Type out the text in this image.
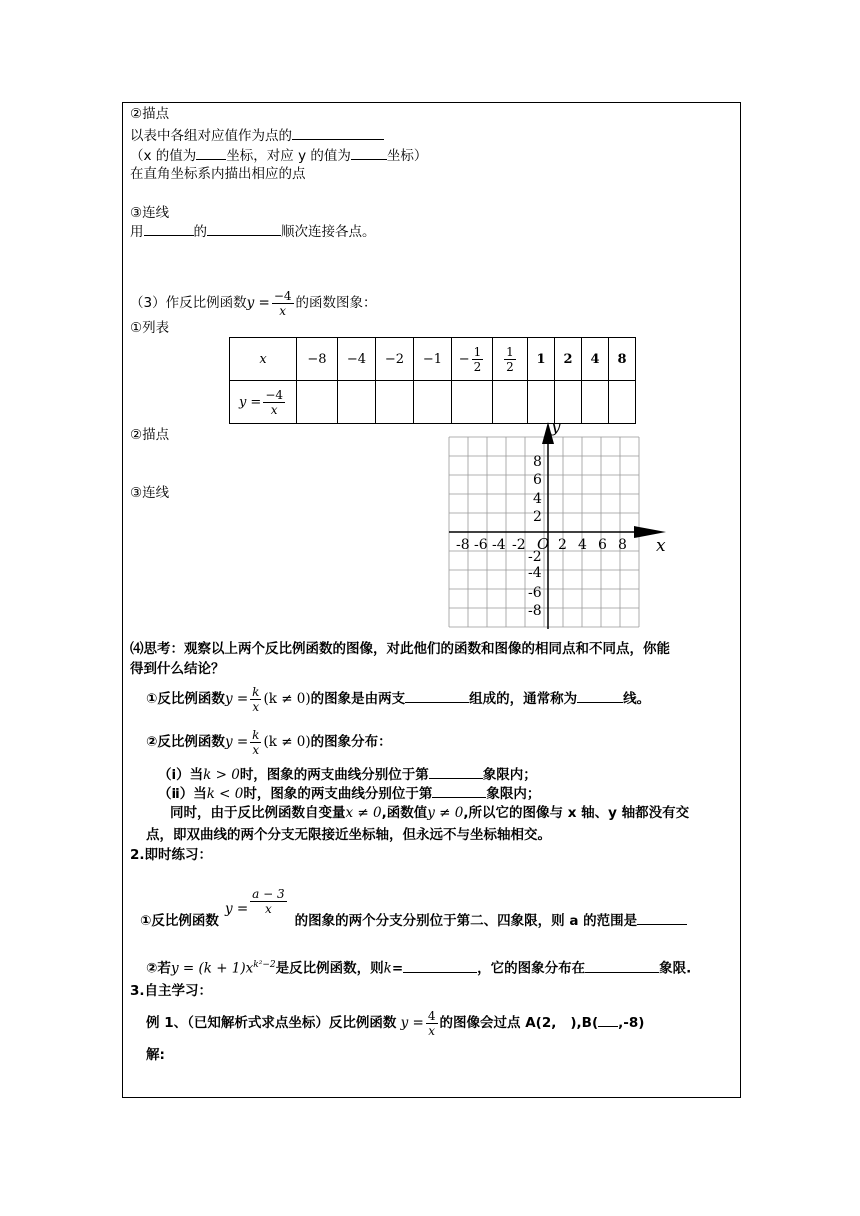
②描点
以表中各组对应值作为点的
（x 的值为 坐标，对应 y 的值为	坐标）
在直角坐标系内描出相应的点
③连线
用	的	顺次连接各点。
（3）作反比例函数$y = \frac{-4}{x}$ 的函数图象：
①列表
x	−8	−4	−2	−1	− $\frac{1}{2}$	$\frac{1}{2}$	1	2	4	8
$y = \frac{-4}{x}$

②描点
③连线
x
y
O
-8 -6 -4 -2 2 4 6 8
8
6
4
2
-2
-4
-6
-8
⑷思考：观察以上两个反比例函数的图像，对此他们的函数和图像的相同点和不同点，你能
得到什么结论？
①反比例函数$y = \frac{k}{x} (k \ne 0)$的图象是由两支	组成的，通常称为	线。
②反比例函数$y = \frac{k}{x} (k \ne 0)$的图象分布：
（ⅰ）当k > 0时，图象的两支曲线分别位于第	象限内；
（ⅱ）当k < 0时，图象的两支曲线分别位于第	象限内；
同时，由于反比例函数自变量x ≠ 0,函数值y ≠ 0,所以它的图像与 x 轴、y 轴都没有交
点，即双曲线的两个分支无限接近坐标轴，但永远不与坐标轴相交。
2.即时练习：
①反比例函数$y = \frac{a - 3}{x}$
的图象的两个分支分别位于第二、四象限，则 a 的范围是
②若$y = (k + 1)x^{k^2-2}$是反比例函数，则k=	，它的图象分布在	象限.
3.自主学习：
例 1、（已知解析式求点坐标）反比例函数 $y = \frac{4}{x}$ 的图像会过点 A(2, ),B( ,-8)
解:
